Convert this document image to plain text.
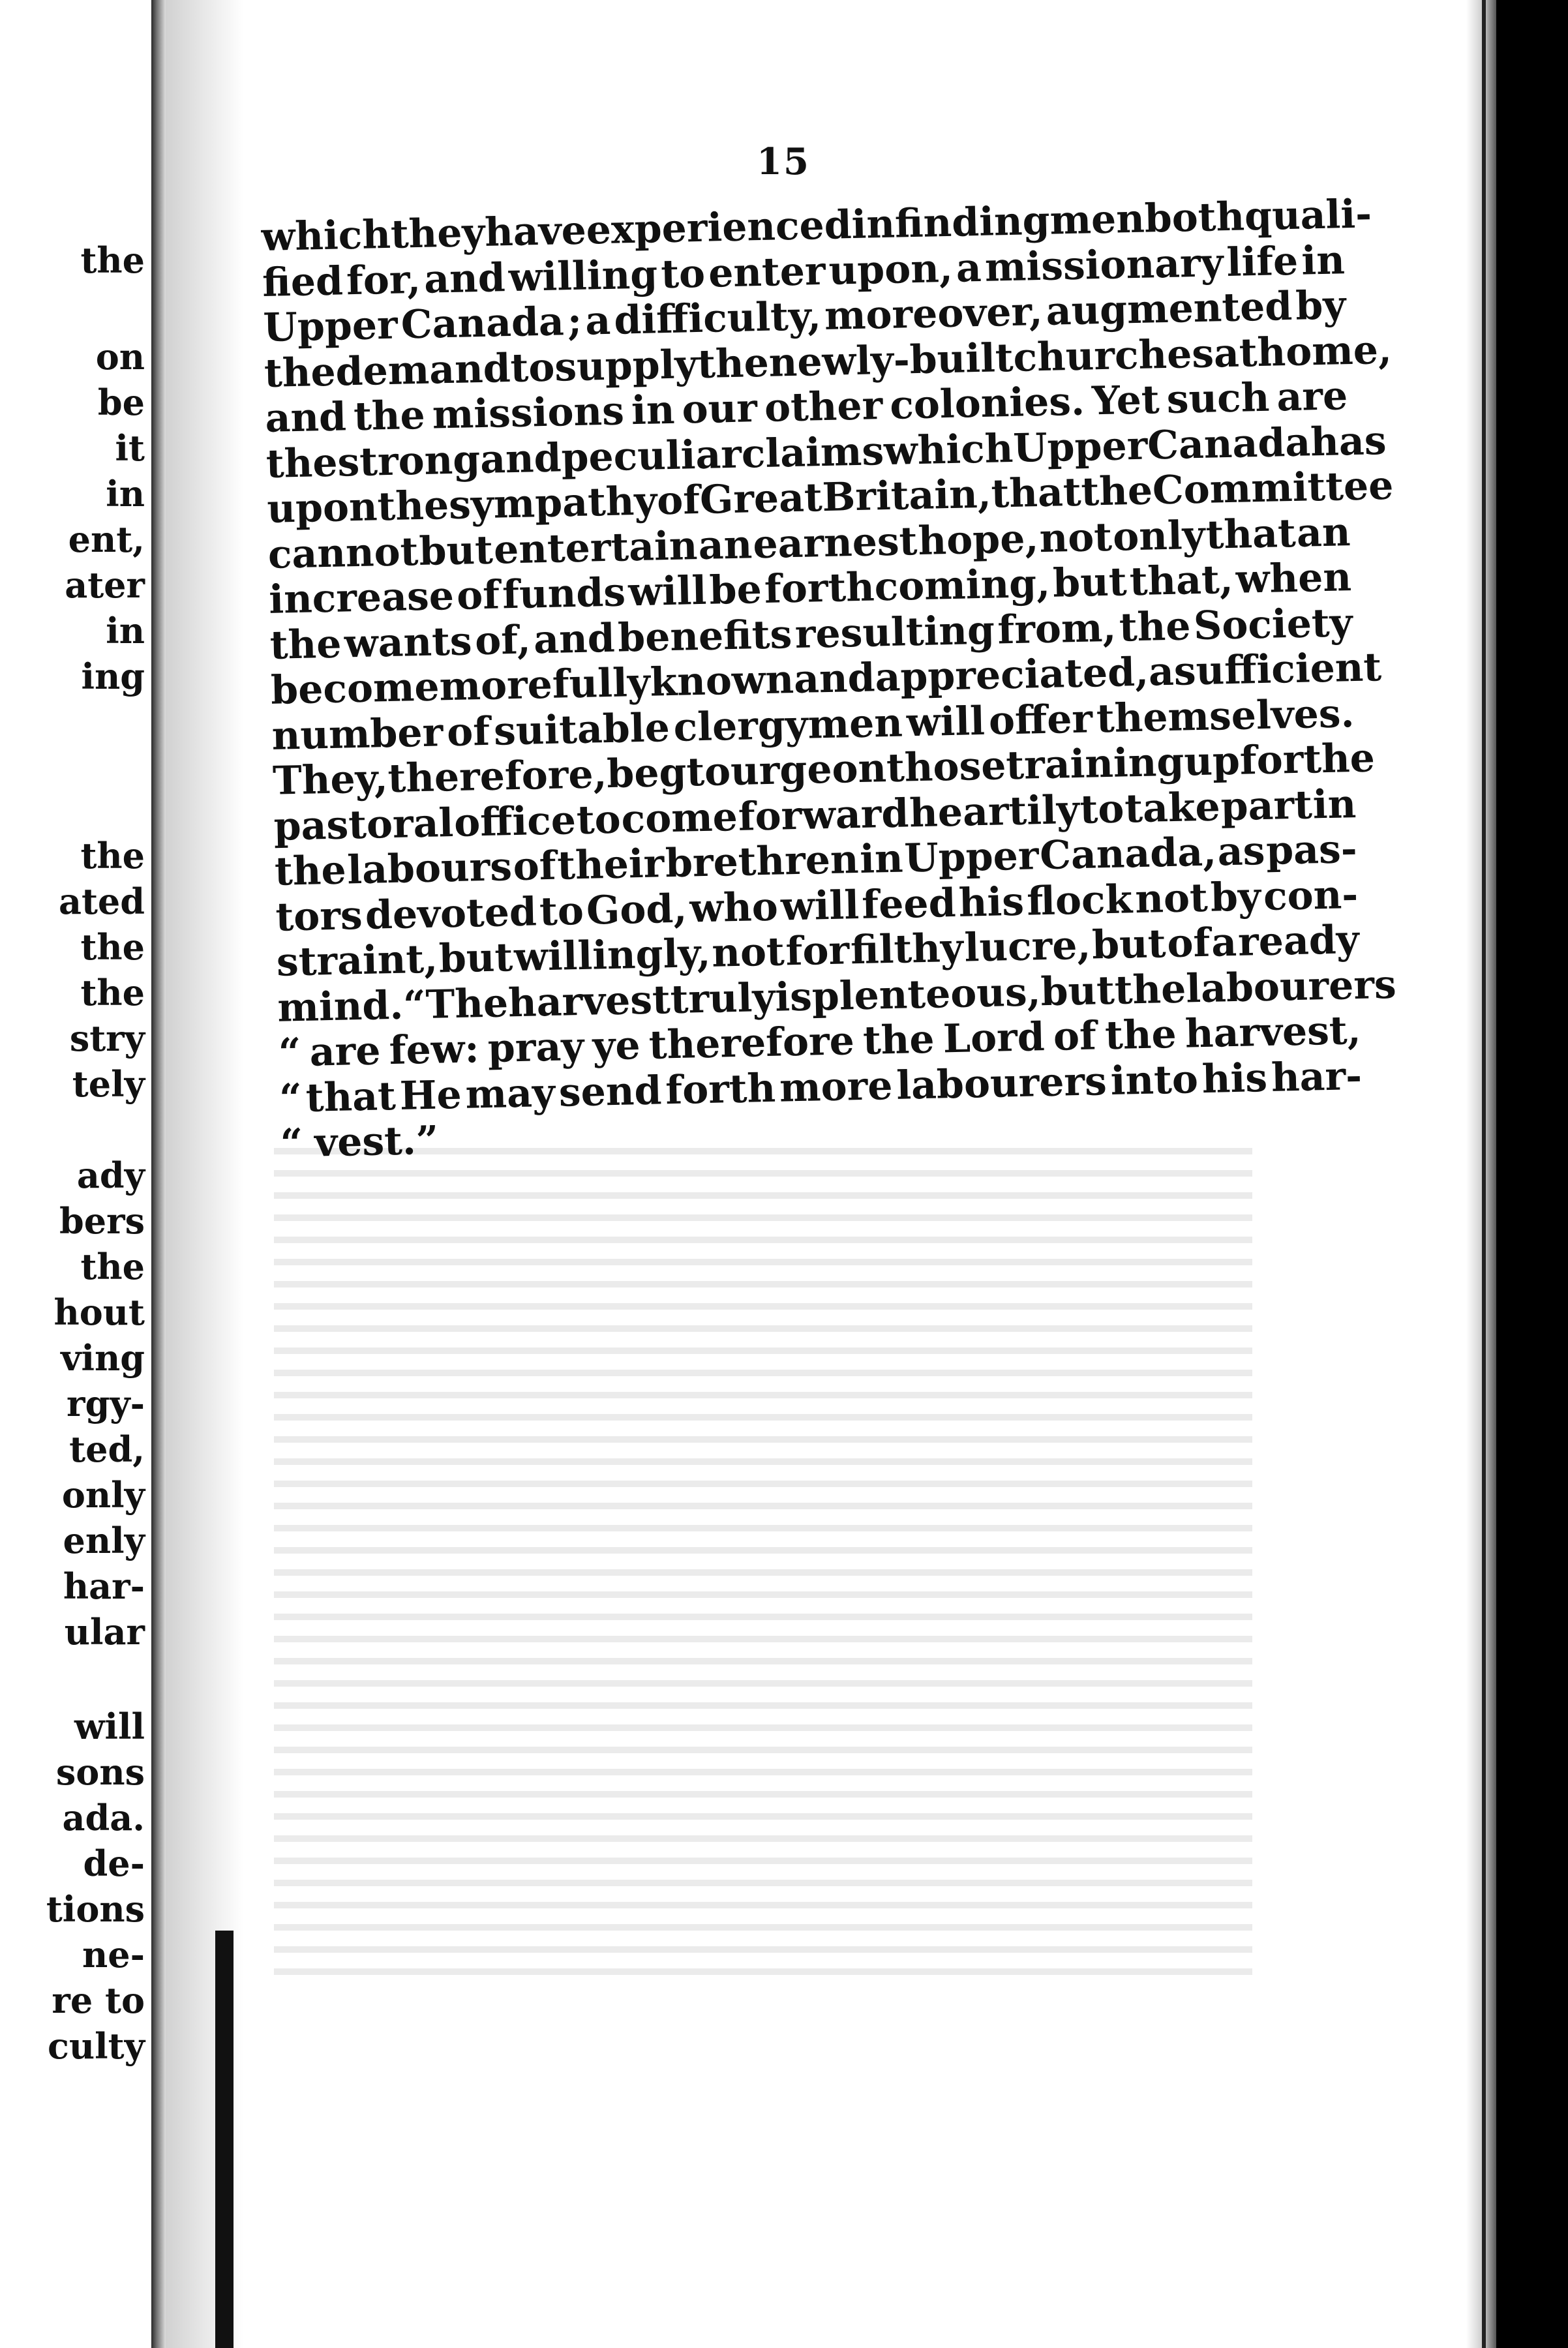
the
on
be
it
in
ent,
ater
in
ing
the
ated
the
the
stry
tely
ady
bers
the
hout
ving
rgy-
ted,
only
enly
har-
ular
will
sons
ada.
de-
tions
ne-
re to
culty
15
which
they
have
experienced
in
finding
men
both
quali-
fied for, and willing to enter upon, a missionary life in
Upper Canada ; a difficulty, moreover, augmented by
the
demand
to
supply
the
newly-built
churches
at
home,
and the missions in our other colonies. Yet such are
the
strong
and
peculiar
claims
which
Upper
Canada
has
upon
the
sympathy
of
Great
Britain,
that
the
Committee
cannot but entertain an earnest hope, not only that an
increase of funds will be forthcoming, but that, when
the wants of, and benefits resulting from, the Society
become
more
fully
known
and
appreciated,
a
sufficient
number of suitable clergymen will offer themselves.
They,
therefore,
beg
to
urge
on
those
training
up
for
the
pastoral office to come forward heartily to take part in
the labours of their brethren in Upper Canada, as pas-
tors devoted to God, who will feed his flock not by con-
straint, but willingly, not for filthy lucre, but of a ready
mind.
“
The
harvest
truly
is
plenteous,
but
the
labourers
“ are few: pray ye therefore the Lord of the harvest,
“ that He may send forth more labourers into his har-
“ vest.”
